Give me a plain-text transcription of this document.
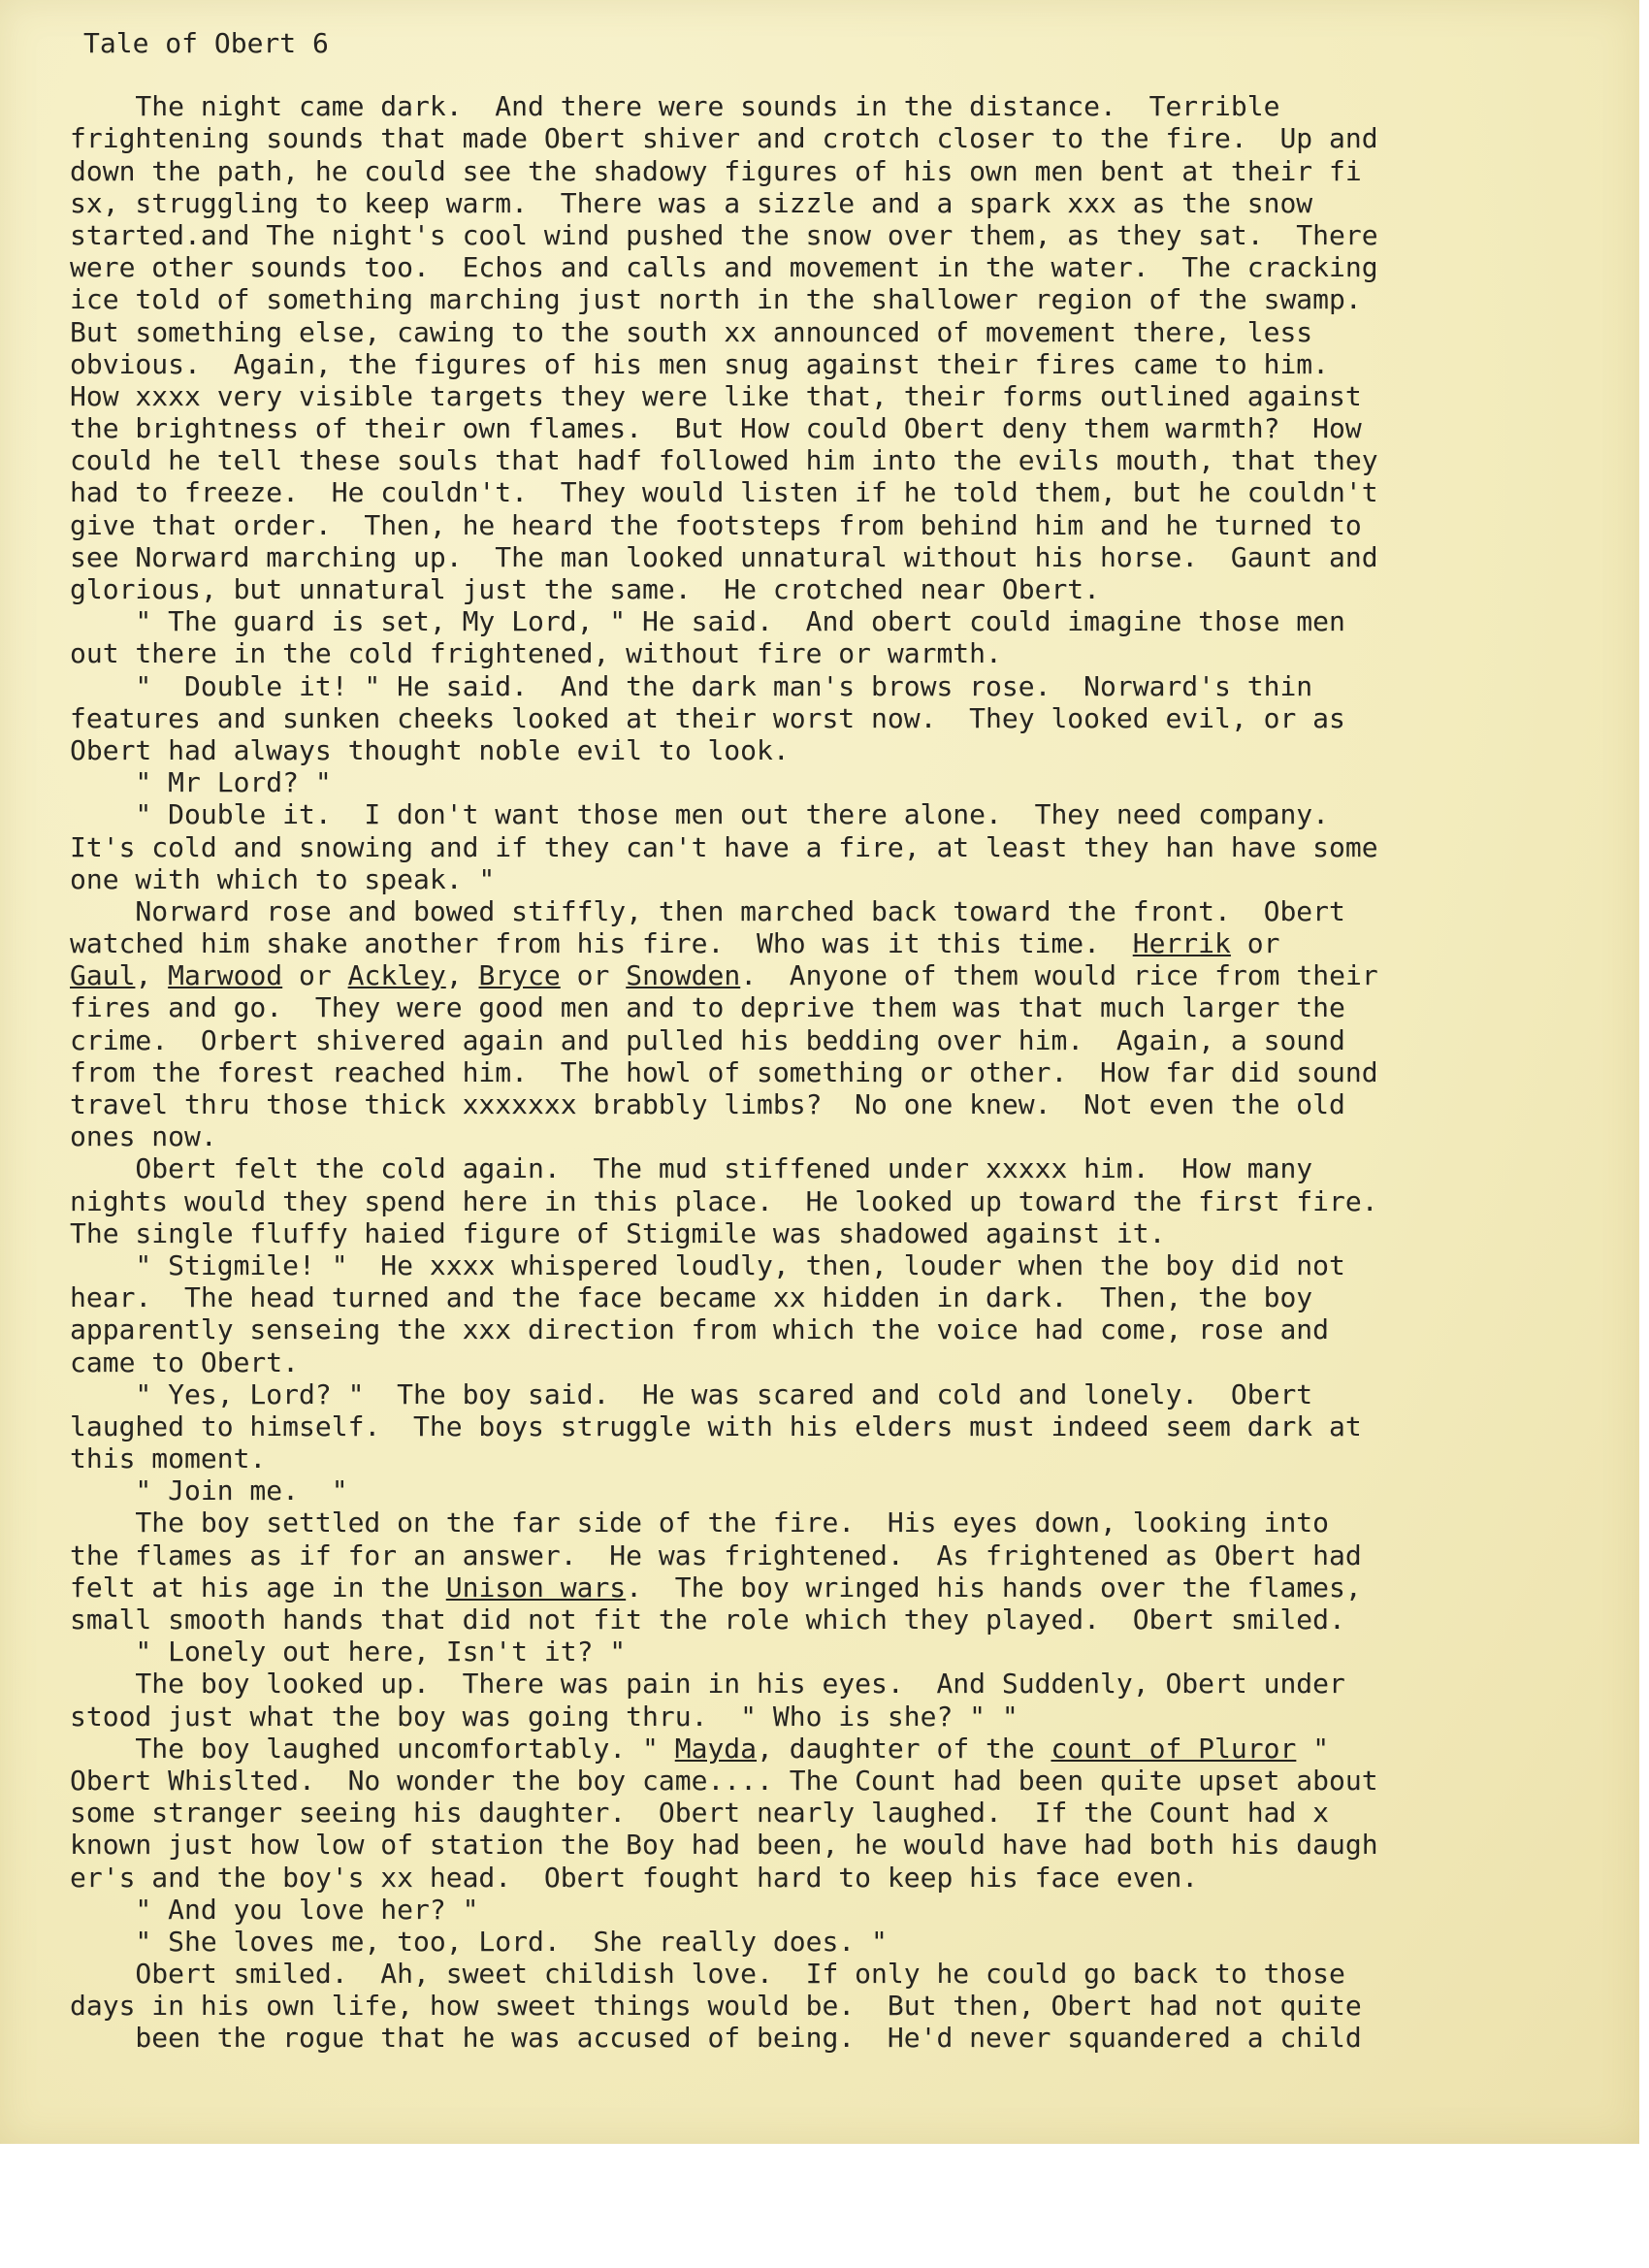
Tale of Obert 6
The night came dark.  And there were sounds in the distance.  Terrible
frightening sounds that made Obert shiver and crotch closer to the fire.  Up and
down the path, he could see the shadowy figures of his own men bent at their fi
sx, struggling to keep warm.  There was a sizzle and a spark xxx as the snow
started.and The night's cool wind pushed the snow over them, as they sat.  There
were other sounds too.  Echos and calls and movement in the water.  The cracking
ice told of something marching just north in the shallower region of the swamp.
But something else, cawing to the south xx announced of movement there, less
obvious.  Again, the figures of his men snug against their fires came to him.
How xxxx very visible targets they were like that, their forms outlined against
the brightness of their own flames.  But How could Obert deny them warmth?  How
could he tell these souls that hadf followed him into the evils mouth, that they
had to freeze.  He couldn't.  They would listen if he told them, but he couldn't
give that order.  Then, he heard the footsteps from behind him and he turned to
see Norward marching up.  The man looked unnatural without his horse.  Gaunt and
glorious, but unnatural just the same.  He crotched near Obert.
" The guard is set, My Lord, " He said.  And obert could imagine those men
out there in the cold frightened, without fire or warmth.
"  Double it! " He said.  And the dark man's brows rose.  Norward's thin
features and sunken cheeks looked at their worst now.  They looked evil, or as
Obert had always thought noble evil to look.
" Mr Lord? "
" Double it.  I don't want those men out there alone.  They need company.
It's cold and snowing and if they can't have a fire, at least they han have some
one with which to speak. "
Norward rose and bowed stiffly, then marched back toward the front.  Obert
watched him shake another from his fire.  Who was it this time.  Herrik or
Gaul, Marwood or Ackley, Bryce or Snowden.  Anyone of them would rice from their
fires and go.  They were good men and to deprive them was that much larger the
crime.  Orbert shivered again and pulled his bedding over him.  Again, a sound
from the forest reached him.  The howl of something or other.  How far did sound
travel thru those thick xxxxxxx brabbly limbs?  No one knew.  Not even the old
ones now.
Obert felt the cold again.  The mud stiffened under xxxxx him.  How many
nights would they spend here in this place.  He looked up toward the first fire.
The single fluffy haied figure of Stigmile was shadowed against it.
" Stigmile! "  He xxxx whispered loudly, then, louder when the boy did not
hear.  The head turned and the face became xx hidden in dark.  Then, the boy
apparently senseing the xxx direction from which the voice had come, rose and
came to Obert.
" Yes, Lord? "  The boy said.  He was scared and cold and lonely.  Obert
laughed to himself.  The boys struggle with his elders must indeed seem dark at
this moment.
" Join me.  "
The boy settled on the far side of the fire.  His eyes down, looking into
the flames as if for an answer.  He was frightened.  As frightened as Obert had
felt at his age in the Unison wars.  The boy wringed his hands over the flames,
small smooth hands that did not fit the role which they played.  Obert smiled.
" Lonely out here, Isn't it? "
The boy looked up.  There was pain in his eyes.  And Suddenly, Obert under
stood just what the boy was going thru.  " Who is she? " "
The boy laughed uncomfortably. " Mayda, daughter of the count of Pluror "
Obert Whislted.  No wonder the boy came.... The Count had been quite upset about
some stranger seeing his daughter.  Obert nearly laughed.  If the Count had x
known just how low of station the Boy had been, he would have had both his daugh
er's and the boy's xx head.  Obert fought hard to keep his face even.
" And you love her? "
" She loves me, too, Lord.  She really does. "
Obert smiled.  Ah, sweet childish love.  If only he could go back to those
days in his own life, how sweet things would be.  But then, Obert had not quite
been the rogue that he was accused of being.  He'd never squandered a child
